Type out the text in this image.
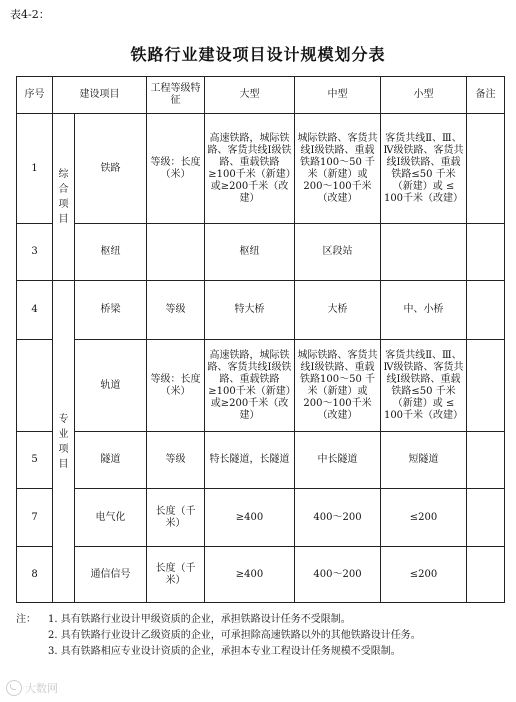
表4-2：
铁路行业建设项目设计规模划分表
序号	建设项目		工程等级特征	大型	中型	小型	备注
1	综合项目	铁路	等级：长度（米）	高速铁路，城际铁路、客货共线Ⅰ级铁路、重载铁路≥100千米（新建）或≥200千米（改建）	城际铁路、客货共线Ⅰ级铁路、重载铁路100～50 千米（新建）或 200～100千米（改建）	客货共线Ⅱ、Ⅲ、Ⅳ级铁路、客货共线Ⅰ级铁路、重载铁路≤50 千米（新建）或 ≤ 100千米（改建）	
3		枢纽		枢纽	区段站		
4	专业项目	桥梁	等级	特大桥	大桥	中、小桥	
		轨道	等级：长度（米）	高速铁路，城际铁路、客货共线Ⅰ级铁路、重载铁路≥100千米（新建）或≥200千米（改建）	城际铁路、客货共线Ⅰ级铁路、重载铁路100～50 千米（新建）或 200～100千米（改建）	客货共线Ⅱ、Ⅲ、Ⅳ级铁路、客货共线Ⅰ级铁路、重载铁路≤50 千米（新建）或 ≤ 100千米（改建）	
5		隧道	等级	特长隧道，长隧道	中长隧道	短隧道	
7		电气化	长度（千米）	≥400	400～200	≤200	
8		通信信号	长度（千米）	≥400	400～200	≤200	
注：	1. 具有铁路行业设计甲级资质的企业，承担铁路设计任务不受限制。
2. 具有铁路行业设计乙级资质的企业，可承担除高速铁路以外的其他铁路设计任务。
3. 具有铁路相应专业设计资质的企业，承担本专业工程设计任务规模不受限制。
大数网
